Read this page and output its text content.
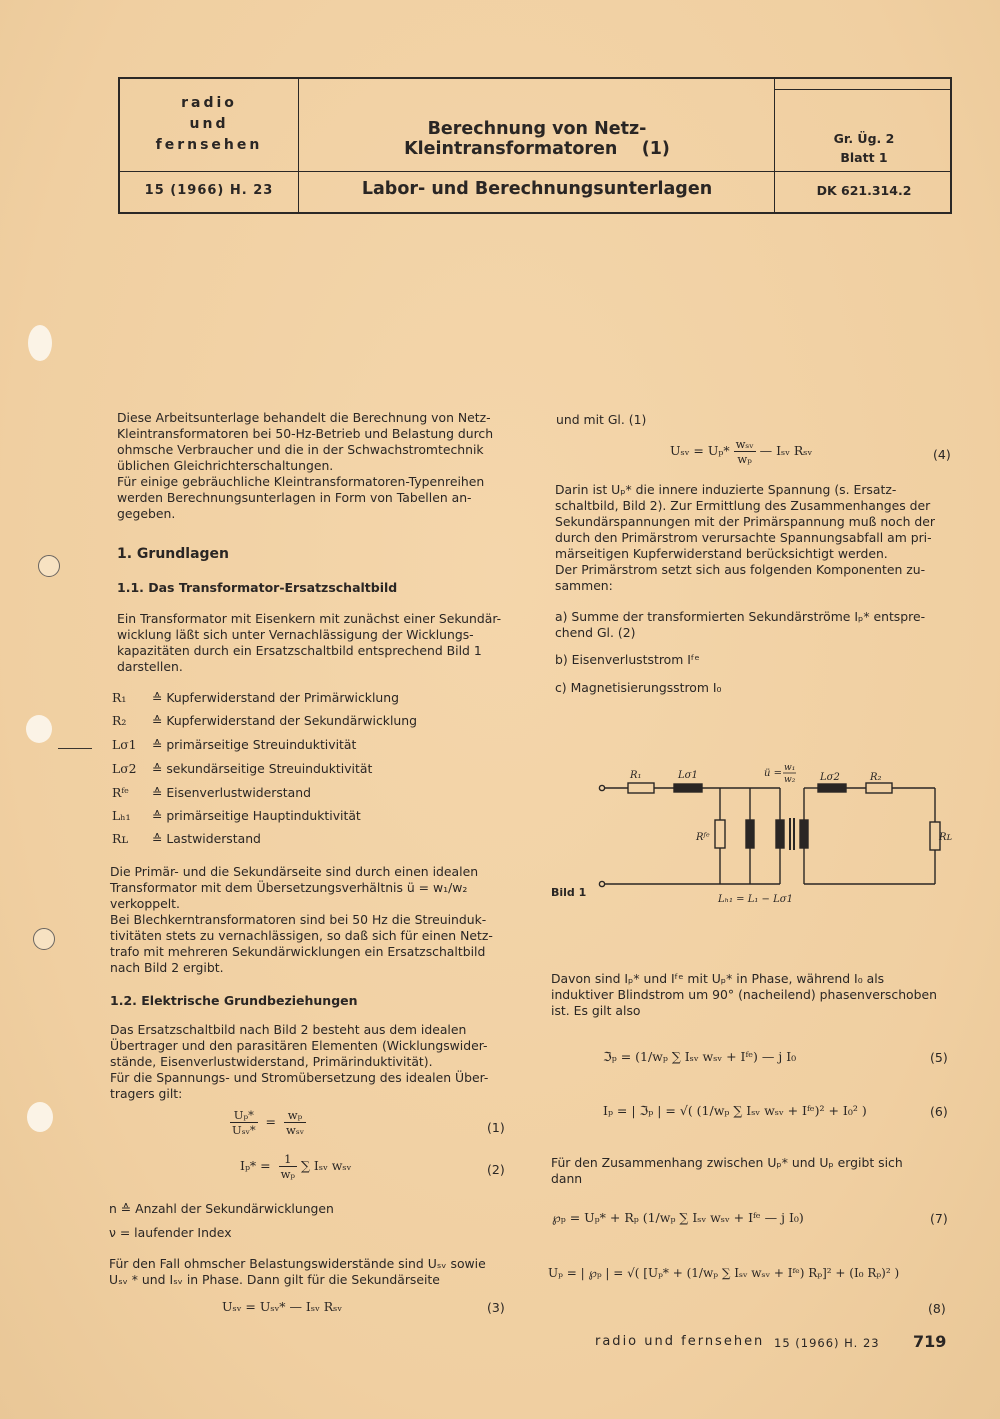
radio
und
fernsehen
15 (1966) H. 23
Berechnung von Netz-Kleintransformatoren (1)
Labor- und Berechnungsunterlagen
Gr. Üg. 2
Blatt 1
DK 621.314.2

Diese Arbeitsunterlage behandelt die Berechnung von Netz-

Kleintransformatoren bei 50-Hz-Betrieb und Belastung durch

ohmsche Verbraucher und die in der Schwachstromtechnik

üblichen Gleichrichterschaltungen.

Für einige gebräuchliche Kleintransformatoren-Typenreihen

werden Berechnungsunterlagen in Form von Tabellen an-

gegeben.

1. Grundlagen
1.1. Das Transformator-Ersatzschaltbild

Ein Transformator mit Eisenkern mit zunächst einer Sekundär-

wicklung läßt sich unter Vernachlässigung der Wicklungs-

kapazitäten durch ein Ersatzschaltbild entsprechend Bild 1

darstellen.

R₁ ≙ Kupferwiderstand der Primärwicklung
R₂ ≙ Kupferwiderstand der Sekundärwicklung
Lσ1 ≙ primärseitige Streuinduktivität
Lσ2 ≙ sekundärseitige Streuinduktivität
Rᶠᵉ ≙ Eisenverlustwiderstand
Lₕ₁ ≙ primärseitige Hauptinduktivität
Rʟ ≙ Lastwiderstand

Die Primär- und die Sekundärseite sind durch einen idealen

Transformator mit dem Übersetzungsverhältnis ü = w₁/w₂

verkoppelt.

Bei Blechkerntransformatoren sind bei 50 Hz die Streuinduk-

tivitäten stets zu vernachlässigen, so daß sich für einen Netz-

trafo mit mehreren Sekundärwicklungen ein Ersatzschaltbild

nach Bild 2 ergibt.

1.2. Elektrische Grundbeziehungen

Das Ersatzschaltbild nach Bild 2 besteht aus dem idealen

Übertrager und den parasitären Elementen (Wicklungswider-

stände, Eisenverlustwiderstand, Primärinduktivität).

Für die Spannungs- und Stromübersetzung des idealen Über-

tragers gilt:

$\frac{\text{Uₚ*}}{\text{Uₛᵥ*}} = \frac{\text{wₚ}}{\text{wₛᵥ}}$	(1)
$I_p* = \frac{1}{\text{wₚ}}$ ∑ Iₛᵥ wₛᵥ	(2)
n ≙ Anzahl der Sekundärwicklungen
ν = laufender Index

Für den Fall ohmscher Belastungswiderstände sind Uₛᵥ sowie

Uₛᵥ * und Iₛᵥ in Phase. Dann gilt für die Sekundärseite

Uₛᵥ = Uₛᵥ* — Iₛᵥ Rₛᵥ	(3)
und mit Gl. (1)
Uₛᵥ = $U_p* \frac{\text{wₛᵥ}}{\text{wₚ}}$ — Iₛᵥ Rₛᵥ	(4)

Darin ist Uₚ* die innere induzierte Spannung (s. Ersatz-

schaltbild, Bild 2). Zur Ermittlung des Zusammenhanges der

Sekundärspannungen mit der Primärspannung muß noch der

durch den Primärstrom verursachte Spannungsabfall am pri-

märseitigen Kupferwiderstand berücksichtigt werden.

Der Primärstrom setzt sich aus folgenden Komponenten zu-

sammen:

a) Summe der transformierten Sekundärströme Iₚ* entspre-

chend Gl. (2)

b) Eisenverluststrom Iᶠᵉ
c) Magnetisierungsstrom I₀
R₁	Lσ1	ü = w₁
w₂ Lσ2	R₂
Rᶠᵉ	Rʟ
Lₕ₁ = L₁ − Lσ1
Bild 1

Davon sind Iₚ* und Iᶠᵉ mit Uₚ* in Phase, während I₀ als

induktiver Blindstrom um 90° (nacheilend) phasenverschoben

ist. Es gilt also

ℑₚ = (1/wₚ ∑ Iₛᵥ wₛᵥ + Iᶠᵉ) — j I₀	(5)
Iₚ = | ℑₚ | = √( (1/wₚ ∑ Iₛᵥ wₛᵥ + Iᶠᵉ)² + I₀² )	(6)

Für den Zusammenhang zwischen Uₚ* und Uₚ ergibt sich

dann

℘ₚ = Uₚ* + Rₚ (1/wₚ ∑ Iₛᵥ wₛᵥ + Iᶠᵉ — j I₀)	(7)
Uₚ = | ℘ₚ | = √( [Uₚ* + (1/wₚ ∑ Iₛᵥ wₛᵥ + Iᶠᵉ) Rₚ]² + (I₀ Rₚ)² )
(8)
radio und fernsehen 15 (1966) H. 23 719
